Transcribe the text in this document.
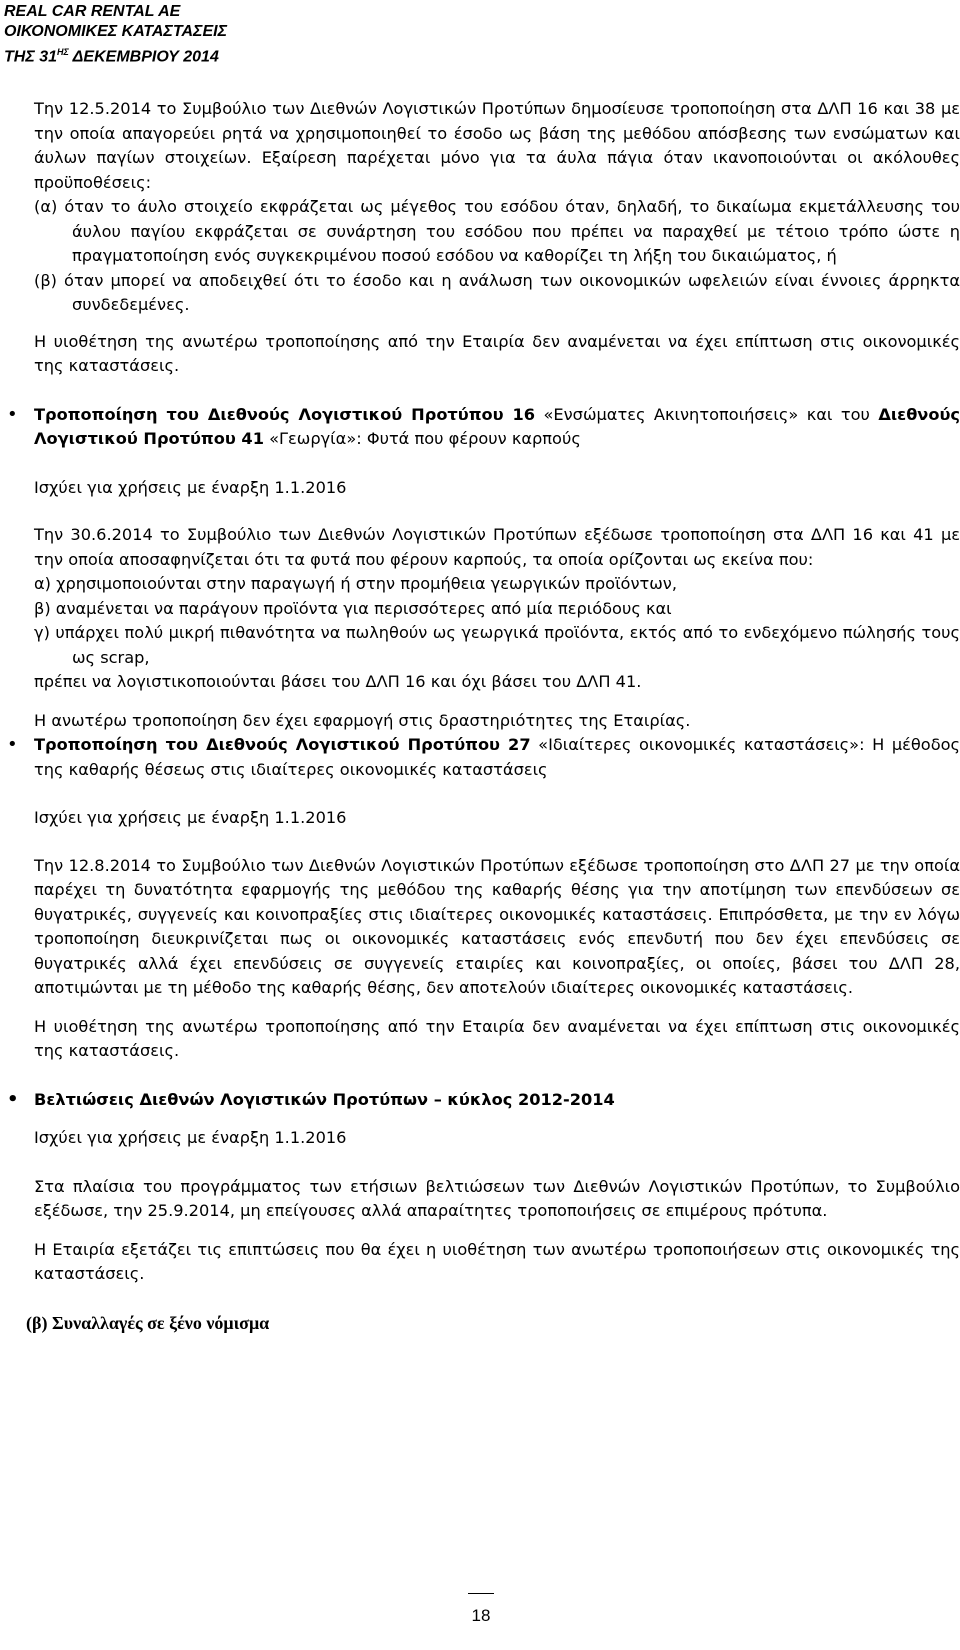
REAL CAR RENTAL AE
ΟΙΚΟΝΟΜΙΚΕΣ ΚΑΤΑΣΤΑΣΕΙΣ
ΤΗΣ $31^{H\Sigma}$ ΔΕΚΕΜΒΡΙΟΥ 2014

Την 12.5.2014 το Συμβούλιο των Διεθνών Λογιστικών Προτύπων δημοσίευσε τροποποίηση στα ΔΛΠ 16 και 38 με την οποία απαγορεύει ρητά να χρησιμοποιηθεί το έσοδο ως βάση της μεθόδου απόσβεσης των ενσώματων και άυλων παγίων στοιχείων. Εξαίρεση παρέχεται μόνο για τα άυλα πάγια όταν ικανοποιούνται οι ακόλουθες προϋποθέσεις:

(α) όταν το άυλο στοιχείο εκφράζεται ως μέγεθος του εσόδου όταν, δηλαδή, το δικαίωμα εκμετάλλευσης του άυλου παγίου εκφράζεται σε συνάρτηση του εσόδου που πρέπει να παραχθεί με τέτοιο τρόπο ώστε η πραγματοποίηση ενός συγκεκριμένου ποσού εσόδου να καθορίζει τη λήξη του δικαιώματος, ή

(β) όταν μπορεί να αποδειχθεί ότι το έσοδο και η ανάλωση των οικονομικών ωφελειών είναι έννοιες άρρηκτα συνδεδεμένες.

Η υιοθέτηση της ανωτέρω τροποποίησης από την Εταιρία δεν αναμένεται να έχει επίπτωση στις οικονομικές της καταστάσεις.

• Τροποποίηση του Διεθνούς Λογιστικού Προτύπου 16 «Ενσώματες Ακινητοποιήσεις» και του Διεθνούς Λογιστικού Προτύπου 41 «Γεωργία»: Φυτά που φέρουν καρπούς

Ισχύει για χρήσεις με έναρξη 1.1.2016

Την 30.6.2014 το Συμβούλιο των Διεθνών Λογιστικών Προτύπων εξέδωσε τροποποίηση στα ΔΛΠ 16 και 41 με την οποία αποσαφηνίζεται ότι τα φυτά που φέρουν καρπούς, τα οποία ορίζονται ως εκείνα που:

α) χρησιμοποιούνται στην παραγωγή ή στην προμήθεια γεωργικών προϊόντων,

β) αναμένεται να παράγουν προϊόντα για περισσότερες από μία περιόδους και

γ) υπάρχει πολύ μικρή πιθανότητα να πωληθούν ως γεωργικά προϊόντα, εκτός από το ενδεχόμενο πώλησής τους ως scrap,

πρέπει να λογιστικοποιούνται βάσει του ΔΛΠ 16 και όχι βάσει του ΔΛΠ 41.

Η ανωτέρω τροποποίηση δεν έχει εφαρμογή στις δραστηριότητες της Εταιρίας.

• Τροποποίηση του Διεθνούς Λογιστικού Προτύπου 27 «Ιδιαίτερες οικονομικές καταστάσεις»: Η μέθοδος της καθαρής θέσεως στις ιδιαίτερες οικονομικές καταστάσεις

Ισχύει για χρήσεις με έναρξη 1.1.2016

Την 12.8.2014 το Συμβούλιο των Διεθνών Λογιστικών Προτύπων εξέδωσε τροποποίηση στο ΔΛΠ 27 με την οποία παρέχει τη δυνατότητα εφαρμογής της μεθόδου της καθαρής θέσης για την αποτίμηση των επενδύσεων σε θυγατρικές, συγγενείς και κοινοπραξίες στις ιδιαίτερες οικονομικές καταστάσεις. Επιπρόσθετα, με την εν λόγω τροποποίηση διευκρινίζεται πως οι οικονομικές καταστάσεις ενός επενδυτή που δεν έχει επενδύσεις σε θυγατρικές αλλά έχει επενδύσεις σε συγγενείς εταιρίες και κοινοπραξίες, οι οποίες, βάσει του ΔΛΠ 28, αποτιμώνται με τη μέθοδο της καθαρής θέσης, δεν αποτελούν ιδιαίτερες οικονομικές καταστάσεις.

Η υιοθέτηση της ανωτέρω τροποποίησης από την Εταιρία δεν αναμένεται να έχει επίπτωση στις οικονομικές της καταστάσεις.

• Βελτιώσεις Διεθνών Λογιστικών Προτύπων – κύκλος 2012-2014

Ισχύει για χρήσεις με έναρξη 1.1.2016

Στα πλαίσια του προγράμματος των ετήσιων βελτιώσεων των Διεθνών Λογιστικών Προτύπων, το Συμβούλιο εξέδωσε, την 25.9.2014, μη επείγουσες αλλά απαραίτητες τροποποιήσεις σε επιμέρους πρότυπα.

Η Εταιρία εξετάζει τις επιπτώσεις που θα έχει η υιοθέτηση των ανωτέρω τροποποιήσεων στις οικονομικές της καταστάσεις.

(β) Συναλλαγές σε ξένο νόμισμα

18
